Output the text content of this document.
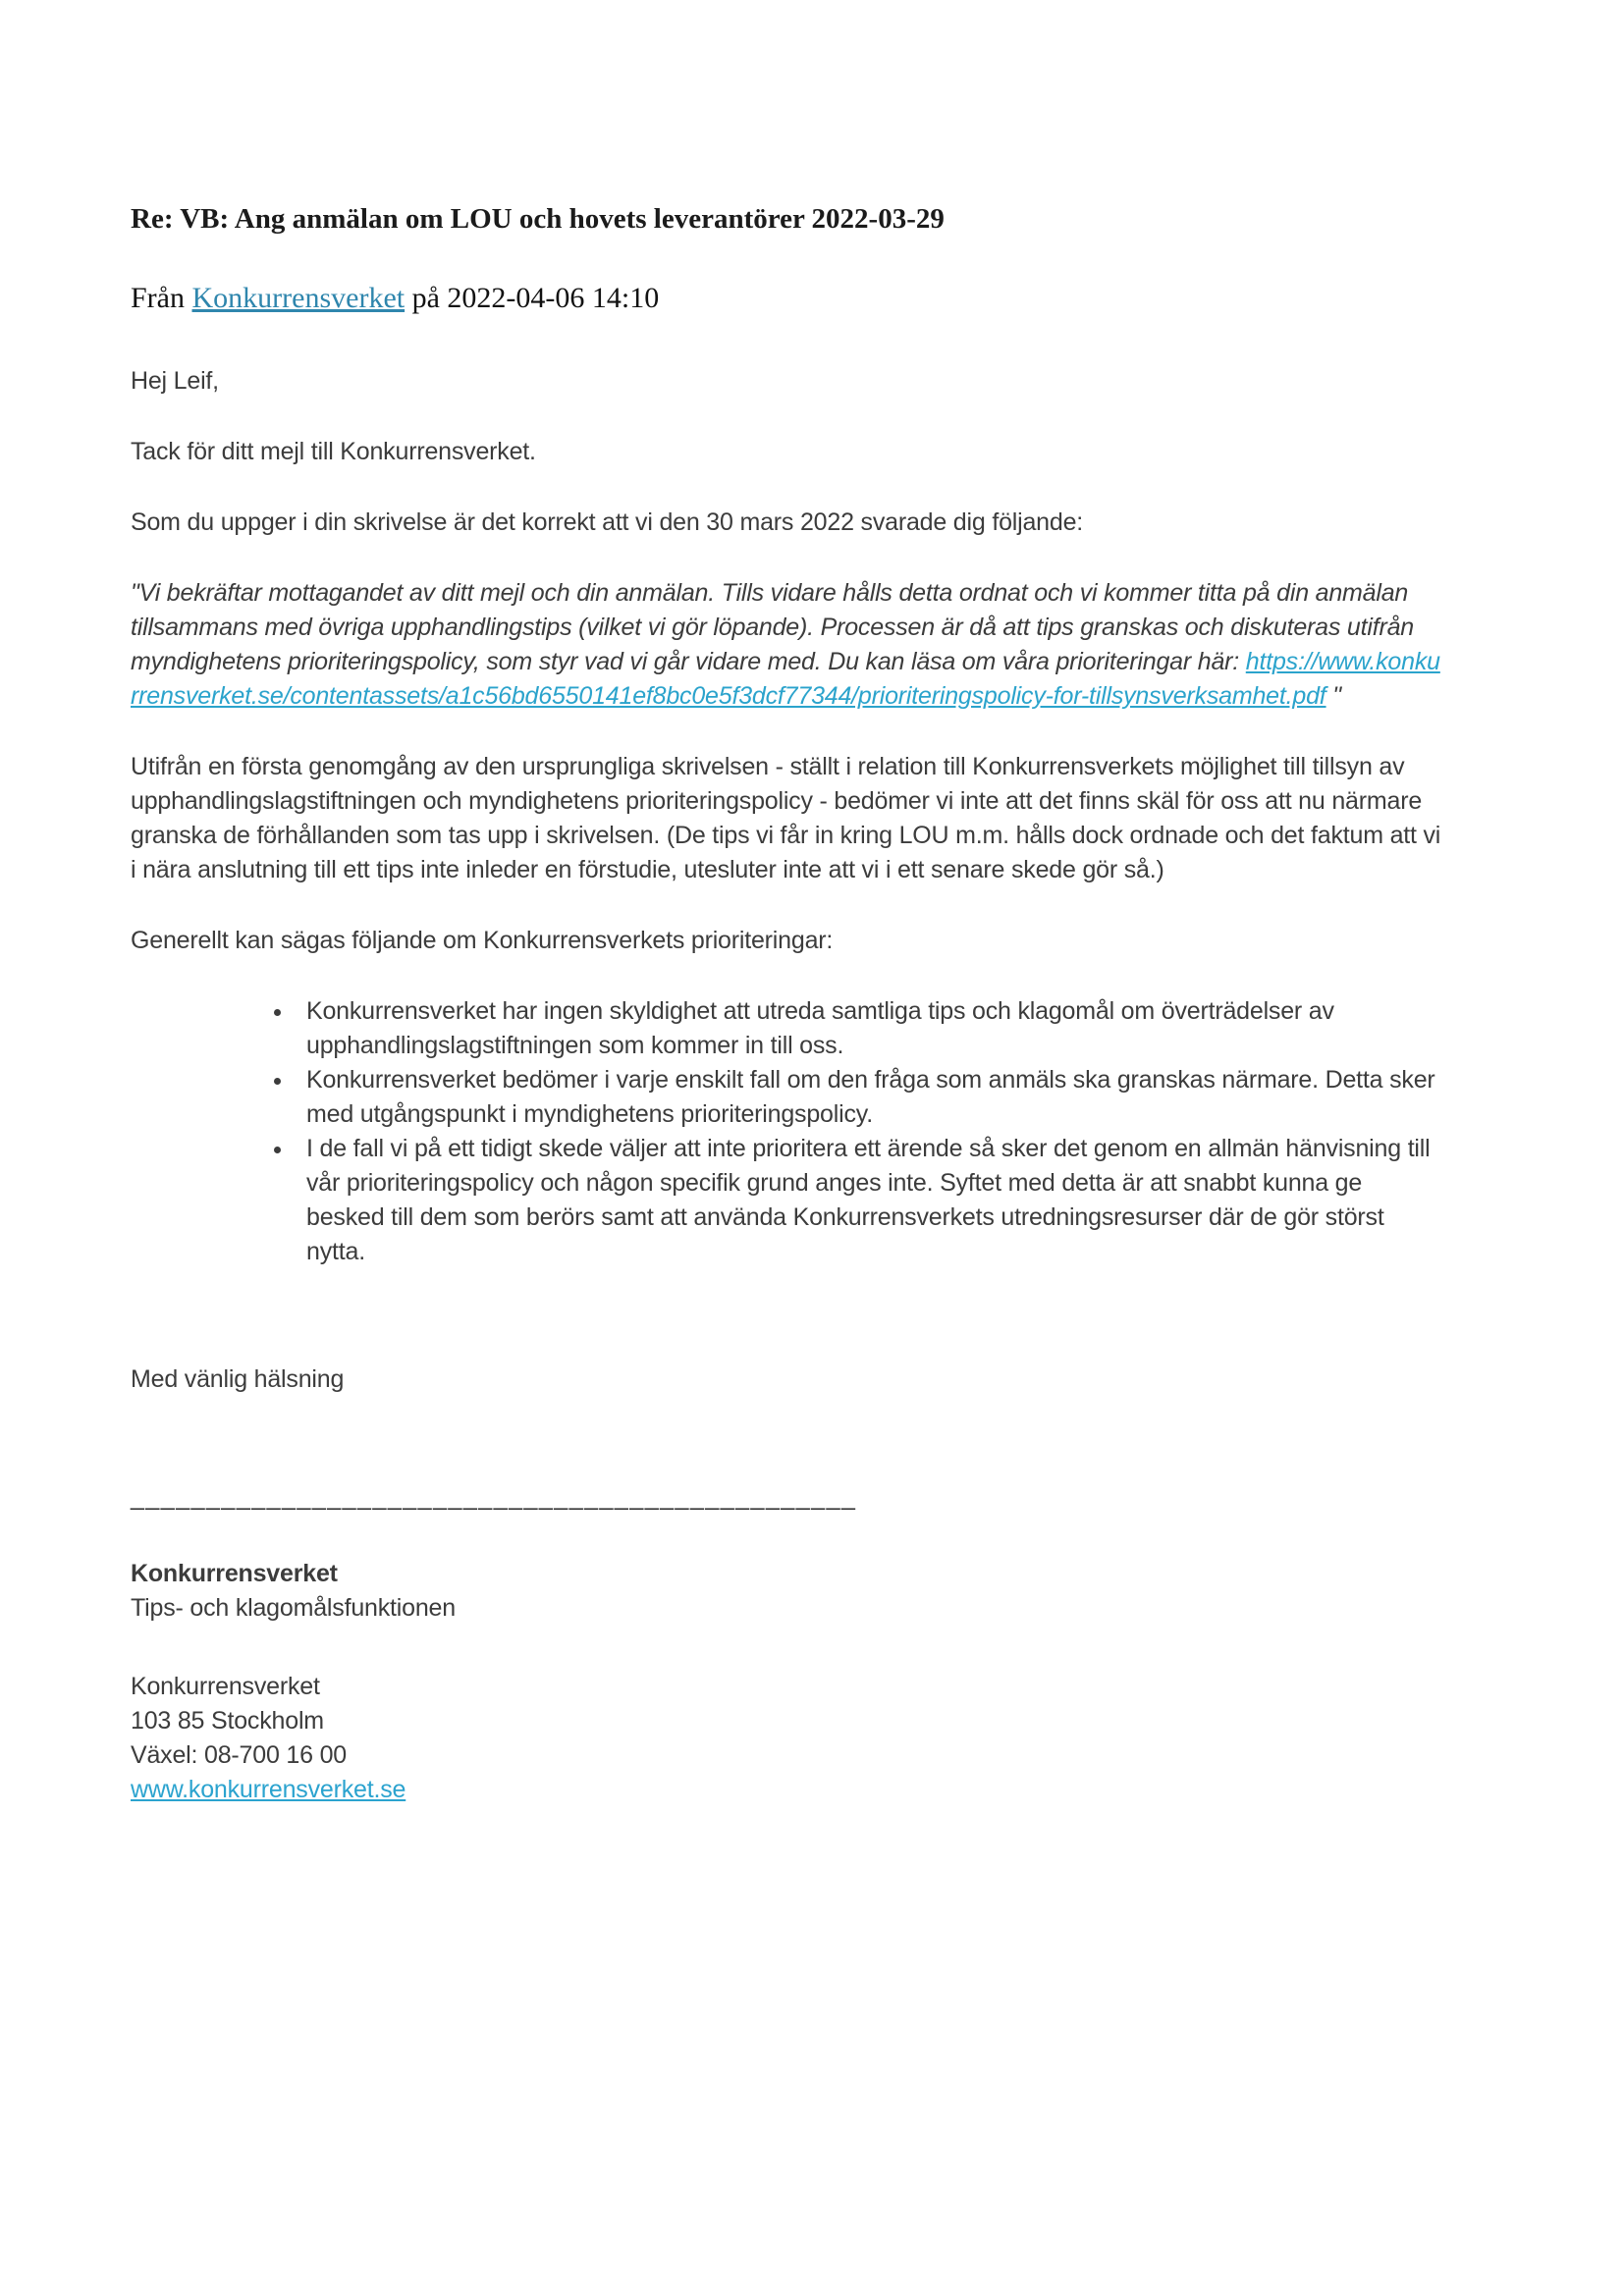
Re: VB: Ang anmälan om LOU och hovets leverantörer 2022-03-29
Från Konkurrensverket på 2022-04-06 14:10

Hej Leif,

Tack för ditt mejl till Konkurrensverket.

Som du uppger i din skrivelse är det korrekt att vi den 30 mars 2022 svarade dig följande:

"Vi bekräftar mottagandet av ditt mejl och din anmälan. Tills vidare hålls detta ordnat och vi kommer titta på din anmälan tillsammans med övriga upphandlingstips (vilket vi gör löpande). Processen är då att tips granskas och diskuteras utifrån myndighetens prioriteringspolicy, som styr vad vi går vidare med. Du kan läsa om våra prioriteringar här: https://www.konkurrensverket.se/contentassets/a1c56bd6550141ef8bc0e5f3dcf77344/prioriteringspolicy-for-tillsynsverksamhet.pdf "

Utifrån en första genomgång av den ursprungliga skrivelsen - ställt i relation till Konkurrensverkets möjlighet till tillsyn av upphandlingslagstiftningen och myndighetens prioriteringspolicy - bedömer vi inte att det finns skäl för oss att nu närmare granska de förhållanden som tas upp i skrivelsen. (De tips vi får in kring LOU m.m. hålls dock ordnade och det faktum att vi i nära anslutning till ett tips inte inleder en förstudie, utesluter inte att vi i ett senare skede gör så.)

Generellt kan sägas följande om Konkurrensverkets prioriteringar:

• Konkurrensverket har ingen skyldighet att utreda samtliga tips och klagomål om överträdelser av upphandlingslagstiftningen som kommer in till oss.
• Konkurrensverket bedömer i varje enskilt fall om den fråga som anmäls ska granskas närmare. Detta sker med utgångspunkt i myndighetens prioriteringspolicy.
• I de fall vi på ett tidigt skede väljer att inte prioritera ett ärende så sker det genom en allmän hänvisning till vår prioriteringspolicy och någon specifik grund anges inte. Syftet med detta är att snabbt kunna ge besked till dem som berörs samt att använda Konkurrensverkets utredningsresurser där de gör störst nytta.

Med vänlig hälsning

________________________________________________
Konkurrensverket
Tips- och klagomålsfunktionen
Konkurrensverket
103 85 Stockholm
Växel: 08-700 16 00
www.konkurrensverket.se
